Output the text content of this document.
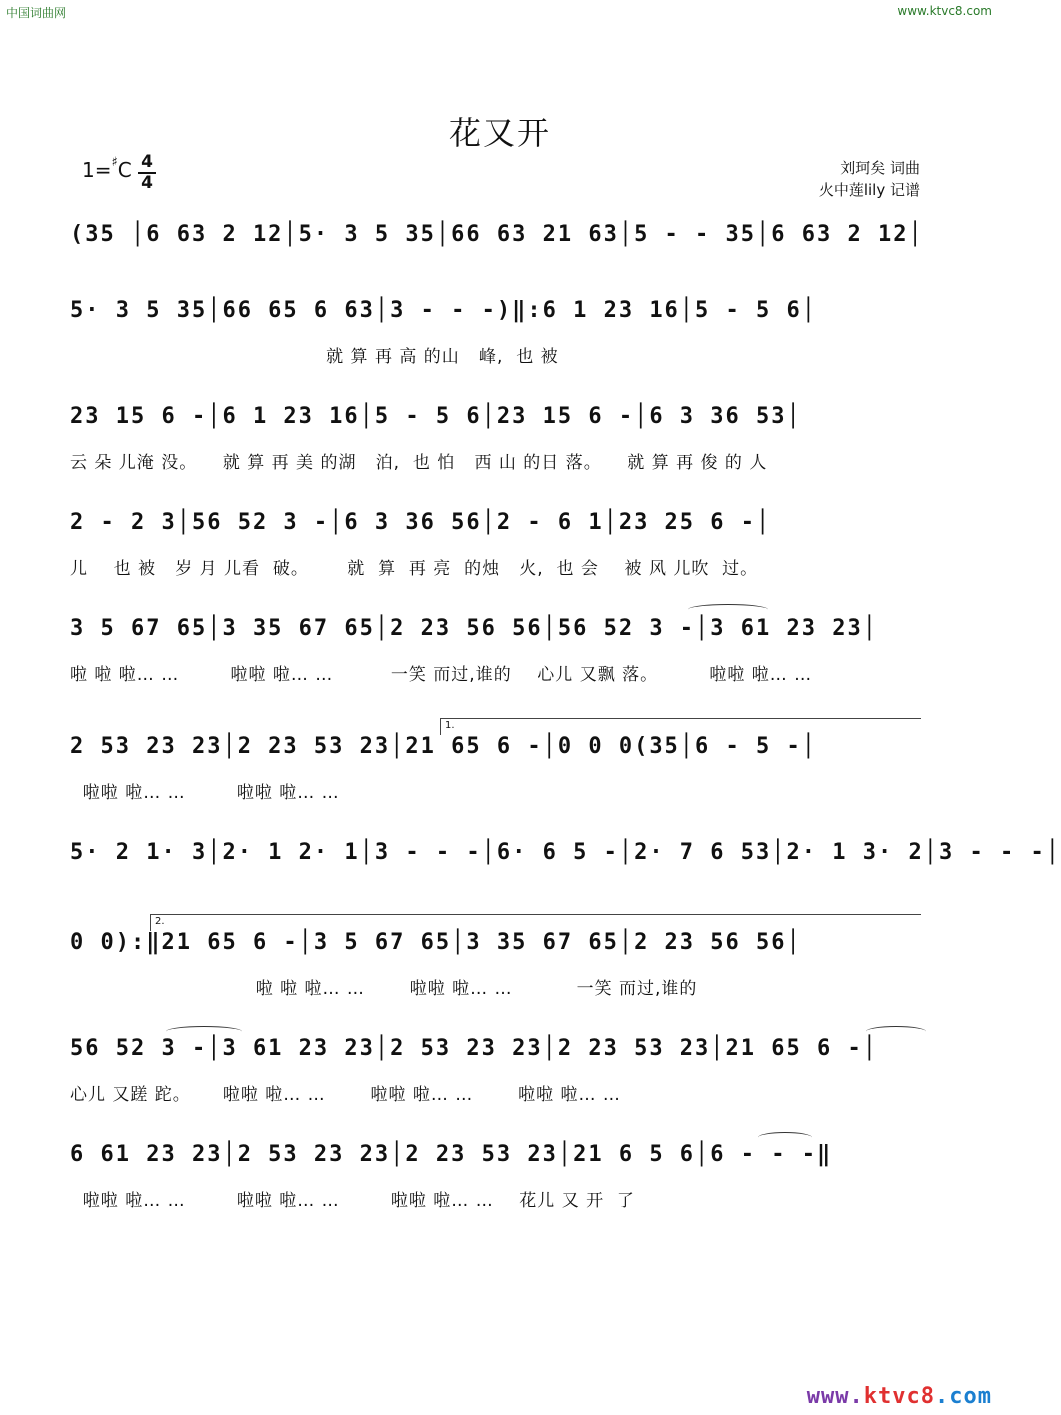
中国词曲网	www.ktvc8.com
花又开
1=♯C 4
4
刘珂矣 词曲
火中莲lily 记谱
(35 │6 63 2 12│5· 3 5 35│66 63 21 63│5 - - 35│6 63 2 12│
5· 3 5 35│66 65 6 63│3 - - -)‖:6 1 23 16│5 - 5 6│
就 算 再 高 的山   峰,  也 被
23 15 6 -│6 1 23 16│5 - 5 6│23 15 6 -│6 3 36 53│
云 朵 儿淹 没。    就 算 再 美 的湖   泊,  也 怕   西 山 的日 落。    就 算 再 俊 的 人
2 - 2 3│56 52 3 -│6 3 36 56│2 - 6 1│23 25 6 -│
儿    也 被   岁 月 儿看  破。      就  算  再 亮  的烛   火,  也 会    被 风 儿吹  过。
3 5 67 65│3 35 67 65│2 23 56 56│56 52 3 -│3 61 23 23│
啦 啦 啦… …        啦啦 啦… …         一笑 而过,谁的    心儿 又飘 落。        啦啦 啦… …
1.
2 53 23 23│2 23 53 23│21 65 6 -│0 0 0(35│6 - 5 -│
啦啦 啦… …        啦啦 啦… …
5· 2 1· 3│2· 1 2· 1│3 - - -│6· 6 5 -│2· 7 6 53│2· 1 3· 2│3 - - -│
2.
0 0):‖21 65 6 -│3 5 67 65│3 35 67 65│2 23 56 56│
啦 啦 啦… …       啦啦 啦… …          一笑 而过,谁的
56 52 3 -│3 61 23 23│2 53 23 23│2 23 53 23│21 65 6 -│
心儿 又蹉 跎。     啦啦 啦… …       啦啦 啦… …       啦啦 啦… …
6 61 23 23│2 53 23 23│2 23 53 23│21 6 5 6│6 - - -‖
啦啦 啦… …        啦啦 啦… …        啦啦 啦… …    花儿 又 开  了
www.ktvc8.com
